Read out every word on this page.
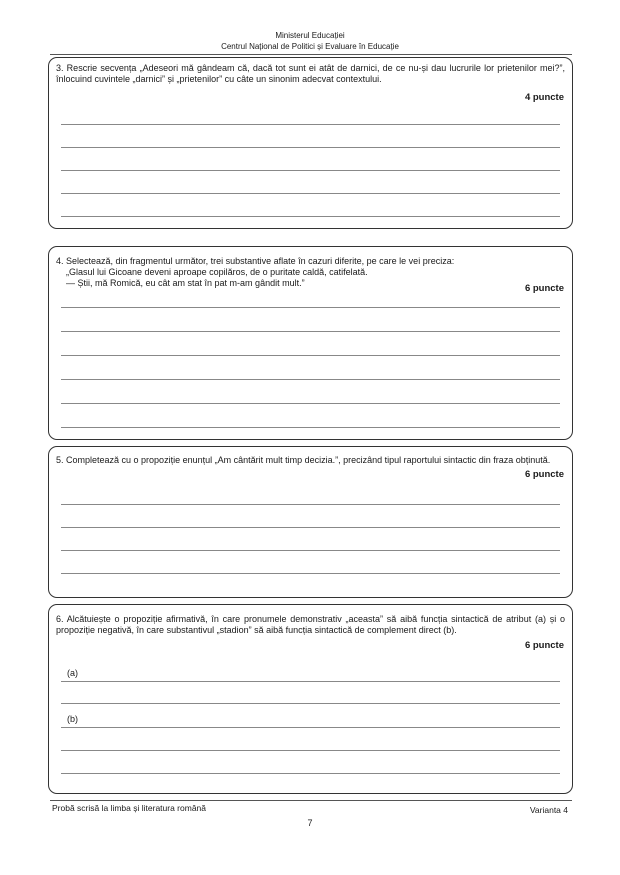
Ministerul Educației
Centrul Național de Politici și Evaluare în Educație
3. Rescrie secvența „Adeseori mă gândeam că, dacă tot sunt ei atât de darnici, de ce nu-și dau lucrurile lor prietenilor mei?”, înlocuind cuvintele „darnici” și „prietenilor” cu câte un sinonim adecvat contextului.
4 puncte
4. Selectează, din fragmentul următor, trei substantive aflate în cazuri diferite, pe care le vei preciza:
„Glasul lui Gicoane deveni aproape copilăros, de o puritate caldă, catifelată.
— Știi, mă Romică, eu cât am stat în pat m-am gândit mult.”	6 puncte
5. Completează cu o propoziție enunțul „Am cântărit mult timp decizia.”, precizând tipul raportului sintactic din fraza obținută.
6 puncte
6. Alcătuiește o propoziție afirmativă, în care pronumele demonstrativ „aceasta” să aibă funcția sintactică de atribut (a) și o propoziție negativă, în care substantivul „stadion” să aibă funcția sintactică de complement direct (b).
6 puncte
(a)
(b)
Probă scrisă la limba și literatura română	Varianta 4
7
